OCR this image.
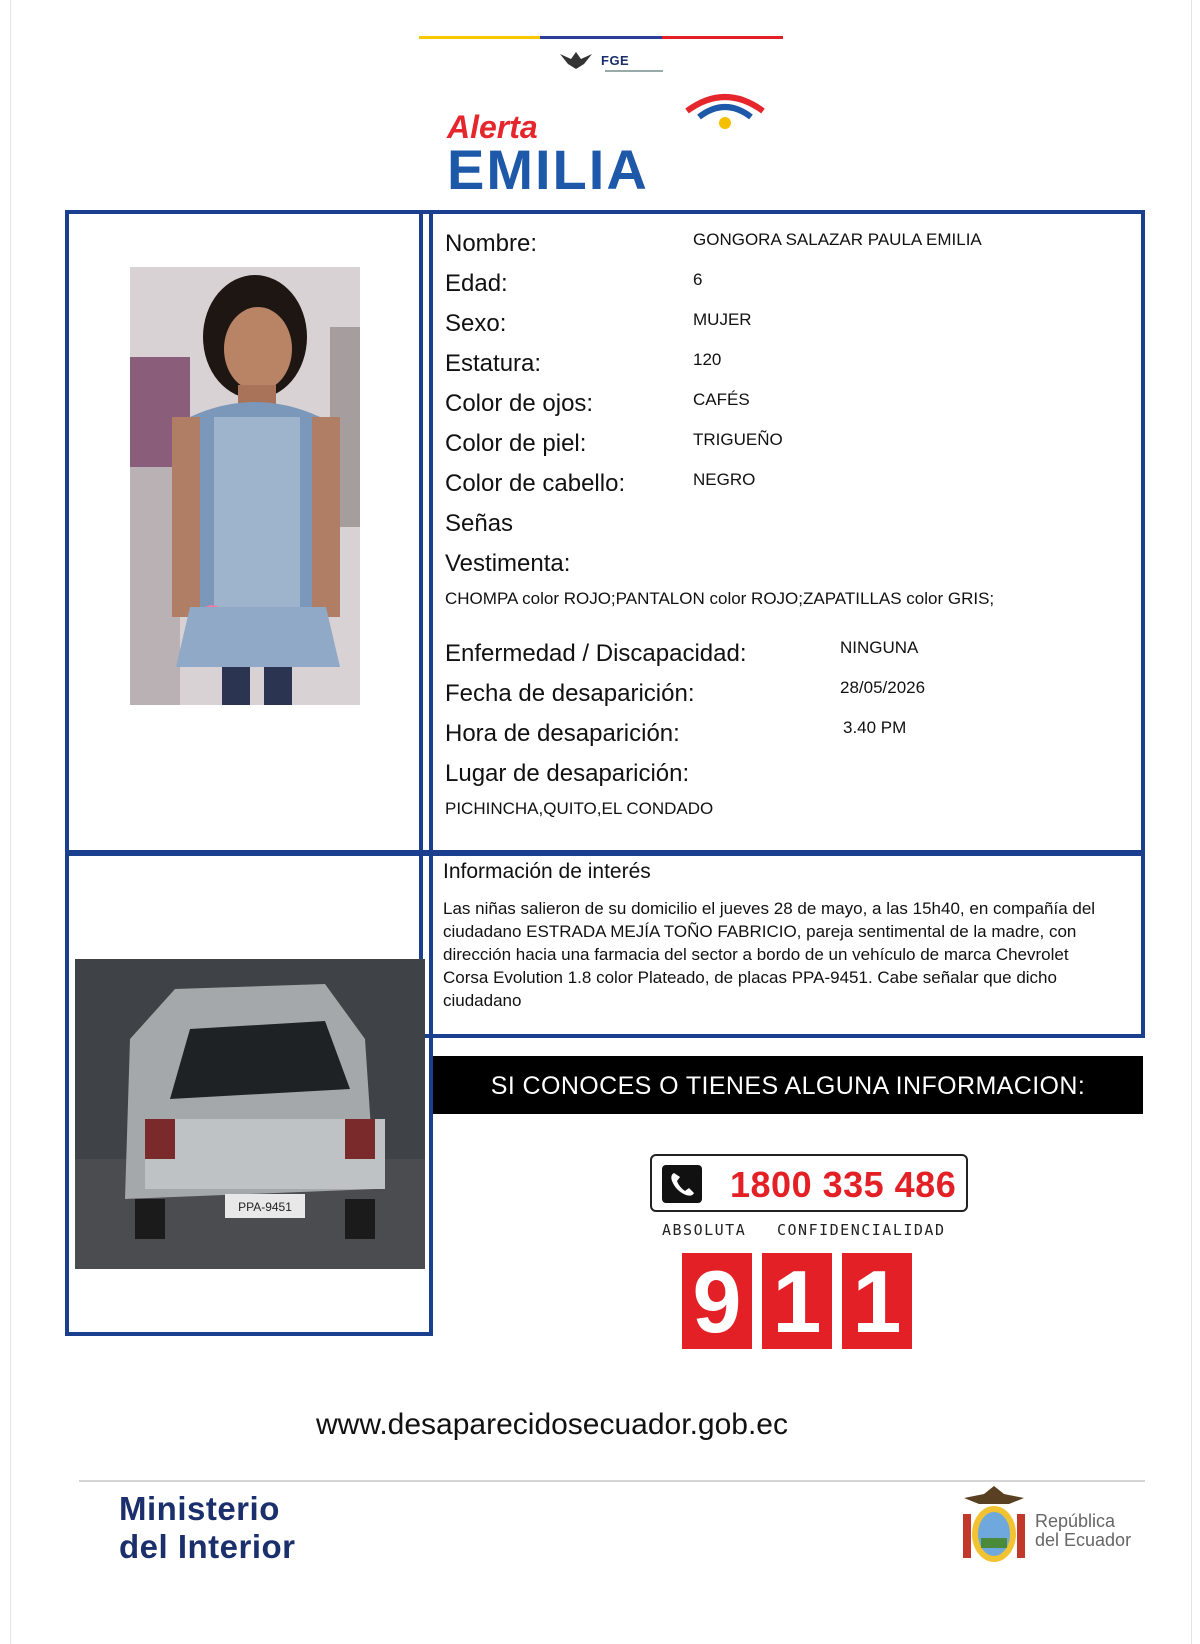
FGE
Alerta
EMILIA
Nombre:	GONGORA SALAZAR PAULA EMILIA
Edad:	6
Sexo:	MUJER
Estatura:	120
Color de ojos:	CAFÉS
Color de piel:	TRIGUEÑO
Color de cabello:	NEGRO
Señas
Vestimenta:
CHOMPA color ROJO;PANTALON color ROJO;ZAPATILLAS color GRIS;
Enfermedad / Discapacidad:	NINGUNA
Fecha de desaparición:	28/05/2026
Hora de desaparición:	3.40 PM
Lugar de desaparición:
PICHINCHA,QUITO,EL CONDADO
Información de interés
Las niñas salieron de su domicilio el jueves 28 de mayo, a las 15h40, en compañía del ciudadano ESTRADA MEJÍA TOÑO FABRICIO, pareja sentimental de la madre, con dirección hacia una farmacia del sector a bordo de un vehículo de marca Chevrolet Corsa Evolution 1.8 color Plateado, de placas PPA-9451. Cabe señalar que dicho ciudadano
PPA-9451
SI CONOCES O TIENES ALGUNA INFORMACION:
1800 335 486
ABSOLUTA CONFIDENCIALIDAD
9 1 1
www.desaparecidosecuador.gob.ec
Ministerio
del Interior
República
del Ecuador
